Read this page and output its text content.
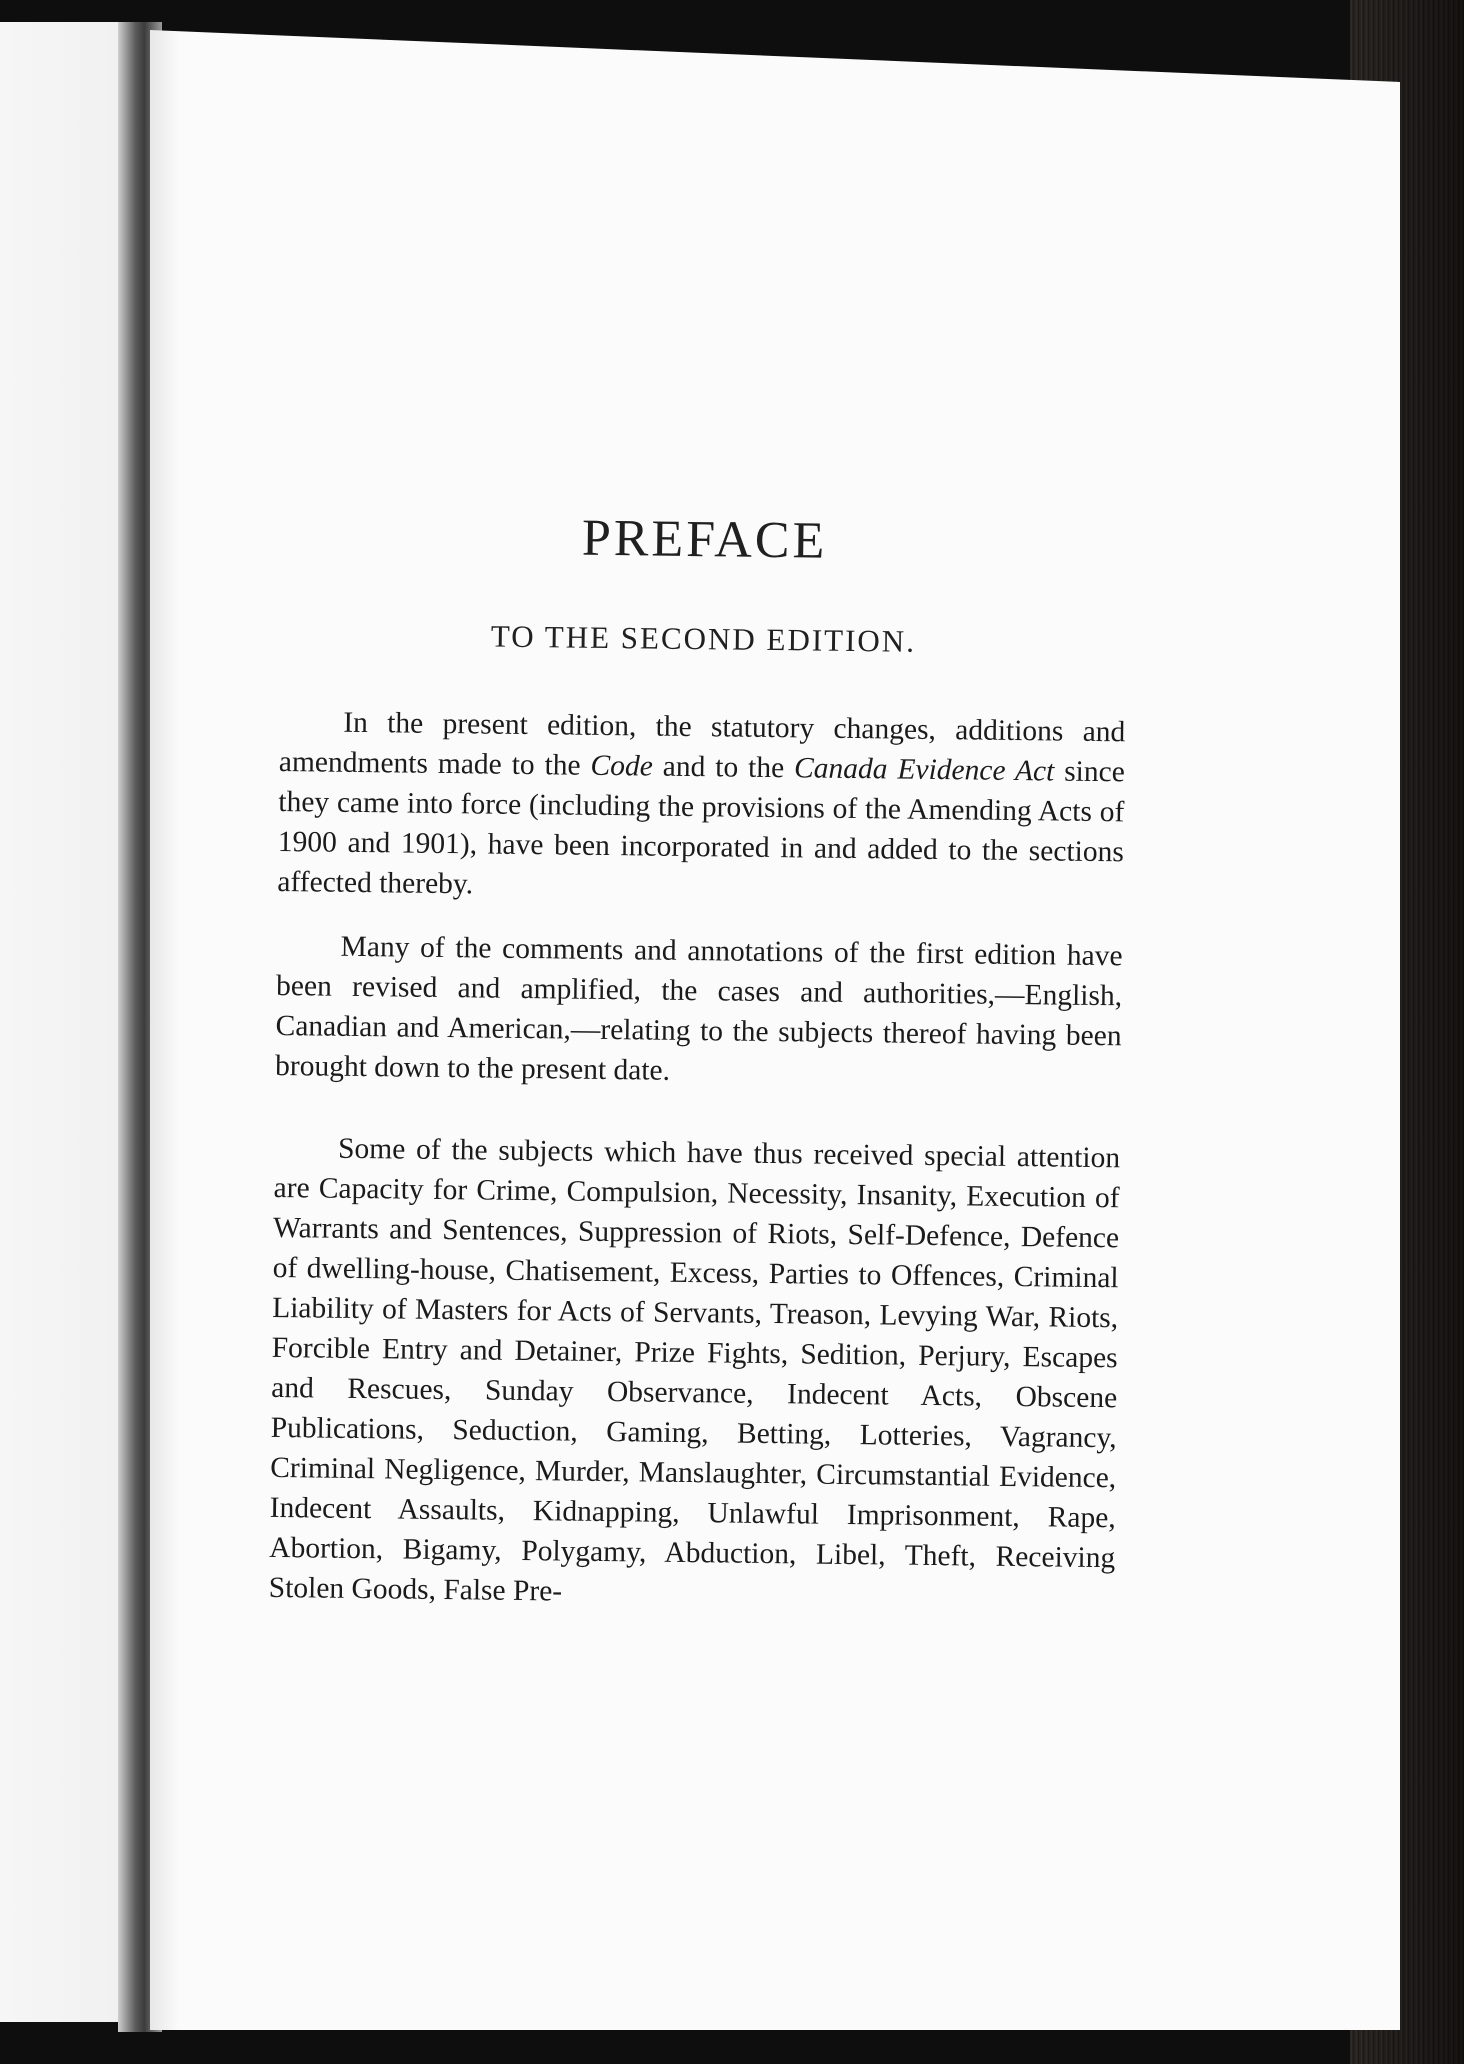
PREFACE
TO THE SECOND EDITION.

In the present edition, the statutory changes, additions and amendments made to the Code and to the Canada Evidence Act since they came into force (including the provisions of the Amending Acts of 1900 and 1901), have been incorporated in and added to the sections affected thereby.

Many of the comments and annotations of the first edition have been revised and amplified, the cases and authorities,—English, Canadian and American,—relating to the subjects thereof having been brought down to the present date.

Some of the subjects which have thus received special attention are Capacity for Crime, Compulsion, Necessity, Insanity, Execution of Warrants and Sentences, Suppression of Riots, Self-Defence, Defence of dwelling-house, Chatisement, Excess, Parties to Offences, Criminal Liability of Masters for Acts of Servants, Treason, Levying War, Riots, Forcible Entry and Detainer, Prize Fights, Sedition, Perjury, Escapes and Rescues, Sunday Observance, Indecent Acts, Obscene Publications, Seduction, Gaming, Betting, Lotteries, Vagrancy, Criminal Negligence, Murder, Manslaughter, Circumstantial Evidence, Indecent Assaults, Kidnapping, Unlawful Imprisonment, Rape, Abortion, Bigamy, Polygamy, Abduction, Libel, Theft, Receiving Stolen Goods, False Pre-
